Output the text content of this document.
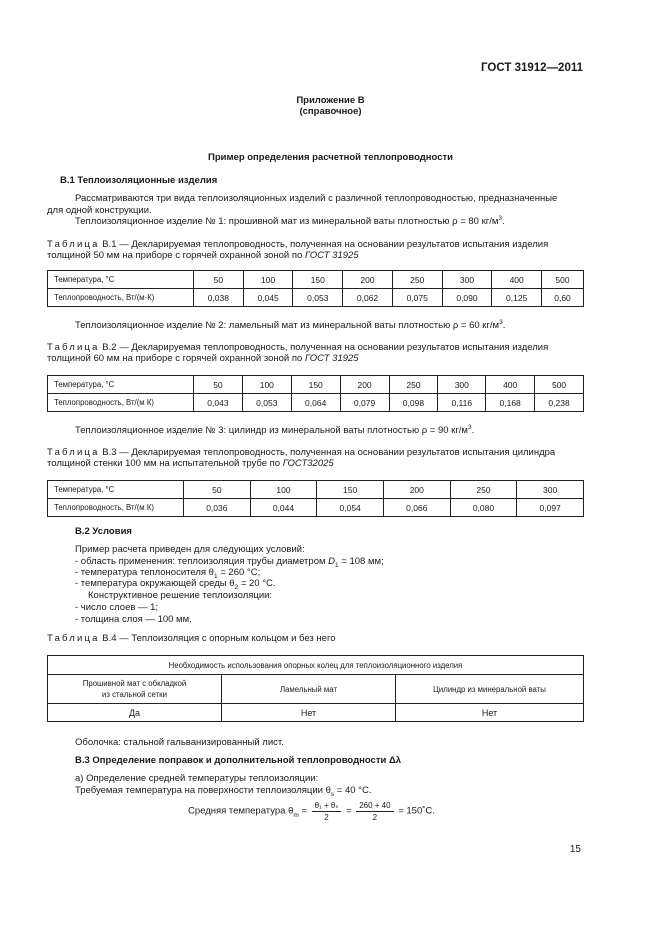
ГОСТ 31912—2011
Приложение В
(справочное)
Пример определения расчетной теплопроводности
В.1 Теплоизоляционные изделия
Рассматриваются три вида теплоизоляционных изделий с различной теплопроводностью, предназначенные
для одной конструкции.
Теплоизоляционное изделие № 1: прошивной мат из минеральной ваты плотностью ρ = 80 $кг/м^3$.
Таблица В.1 — Декларируемая теплопроводность, полученная на основании результатов испытания изделия
толщиной 50 мм на приборе с горячей охранной зоной по ГОСТ 31925
Температура, °С	50	100	150	200	250	300	400	500
Теплопроводность, Вт/(м·К)	0,038	0,045	0,053	0,062	0,075	0,090	0,125	0,60
Теплоизоляционное изделие № 2: ламельный мат из минеральной ваты плотностью ρ = 60 $кг/м^3$.
Таблица В.2 — Декларируемая теплопроводность, полученная на основании результатов испытания изделия
толщиной 60 мм на приборе с горячей охранной зоной по ГОСТ 31925
Температура, °С	50	100	150	200	250	300	400	500
Теплопроводность, Вт/(м К)	0,043	0,053	0,064	0,079	0,098	0,116	0,168	0,238
Теплоизоляционное изделие № 3: цилиндр из минеральной ваты плотностью ρ = 90 $кг/м^3$.
Таблица В.3 — Декларируемая теплопроводность, полученная на основании результатов испытания цилиндра
толщиной стенки 100 мм на испытательной трубе по ГОСТ32025
Температура, °С	50	100	150	200	250	300
Теплопроводность, Вт/(м К)	0,036	0,044	0,054	0,066	0,080	0,097
В.2 Условия
Пример расчета приведен для следующих условий:
- область применения: теплоизоляция трубы диаметром $D_1 = 108$ мм;
- температура теплоносителя $\theta_1 = 260$ °С;
- температура окружающей среды $\theta_2 = 20$ °С.
Конструктивное решение теплоизоляции:
- число слоев — 1;
- толщина слоя — 100 мм.
Таблица В.4 — Теплоизоляция с опорным кольцом и без него
Необходимость использования опорных колец для теплоизоляционного изделия		
Прошивной мат с обкладкой
из стальной сетки	Ламельный мат	Цилиндр из минеральной ваты
Да	Нет	Нет
Оболочка: стальной гальванизированный лист.
В.3 Определение поправок и дополнительной теплопроводности Δλ
а) Определение средней температуры теплоизоляции:
Требуемая температура на поверхности теплоизоляции $\theta_s = 40$ °С.
Средняя температура $\theta_m = \frac{\text{θ₁ + θₛ}}{2} = \frac{260 + 40}{2}$ = 150˚С.
15
